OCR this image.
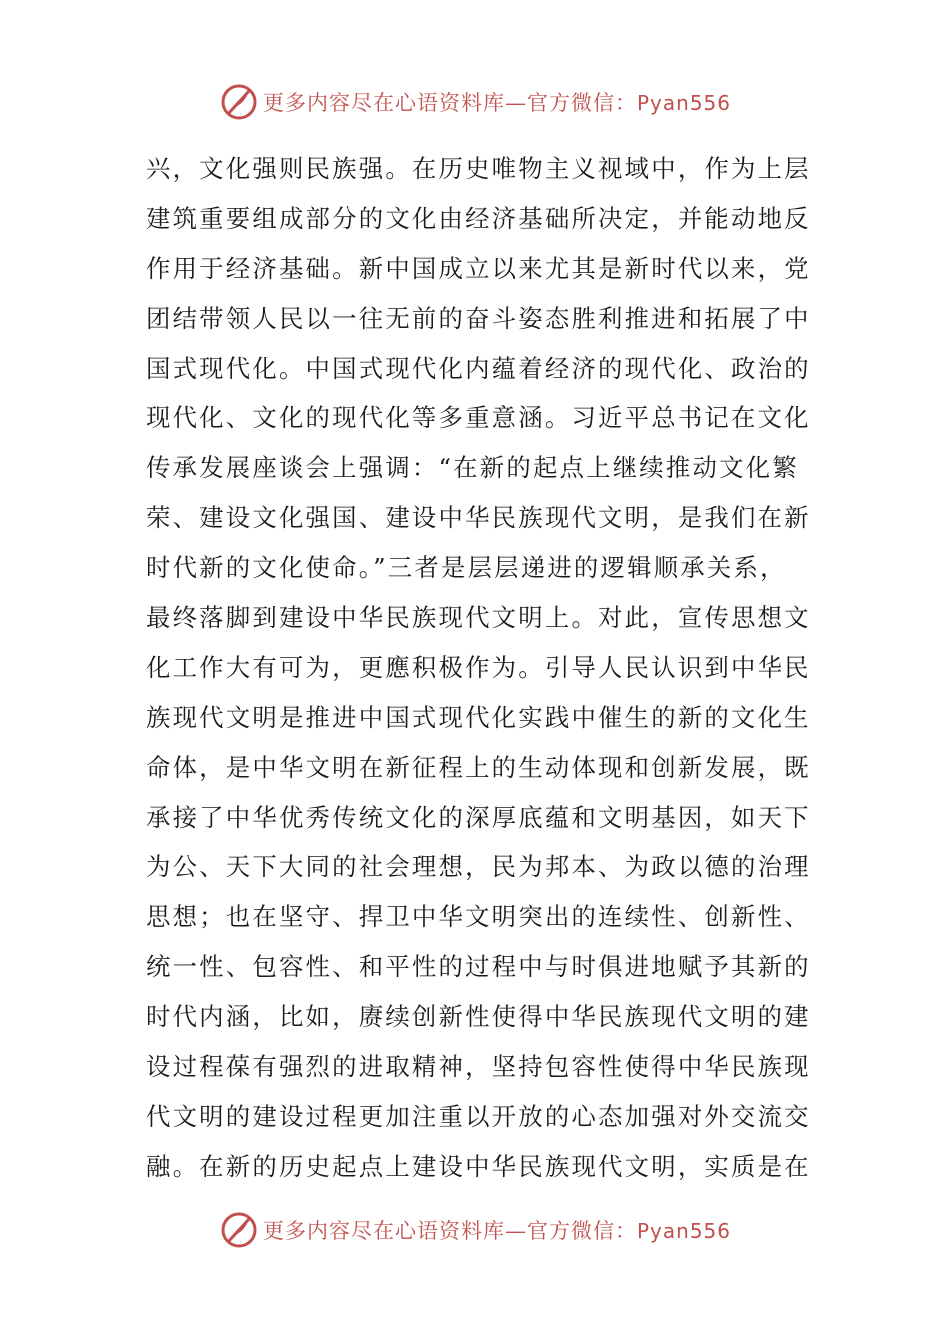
更多内容尽在心语资料库—官方微信：Pyan556
兴，文化强则民族强。在历史唯物主义视域中，作为上层
建筑重要组成部分的文化由经济基础所决定，并能动地反
作用于经济基础。新中国成立以来尤其是新时代以来，党
团结带领人民以一往无前的奋斗姿态胜利推进和拓展了中
国式现代化。中国式现代化内蕴着经济的现代化、政治的
现代化、文化的现代化等多重意涵。习近平总书记在文化
传承发展座谈会上强调：“在新的起点上继续推动文化繁
荣、建设文化强国、建设中华民族现代文明，是我们在新
时代新的文化使命。”三者是层层递进的逻辑顺承关系，
最终落脚到建设中华民族现代文明上。对此，宣传思想文
化工作大有可为，更應积极作为。引导人民认识到中华民
族现代文明是推进中国式现代化实践中催生的新的文化生
命体，是中华文明在新征程上的生动体现和创新发展，既
承接了中华优秀传统文化的深厚底蕴和文明基因，如天下
为公、天下大同的社会理想，民为邦本、为政以德的治理
思想；也在坚守、捍卫中华文明突出的连续性、创新性、
统一性、包容性、和平性的过程中与时俱进地赋予其新的
时代内涵，比如，赓续创新性使得中华民族现代文明的建
设过程葆有强烈的进取精神，坚持包容性使得中华民族现
代文明的建设过程更加注重以开放的心态加强对外交流交
融。在新的历史起点上建设中华民族现代文明，实质是在
更多内容尽在心语资料库—官方微信：Pyan556
